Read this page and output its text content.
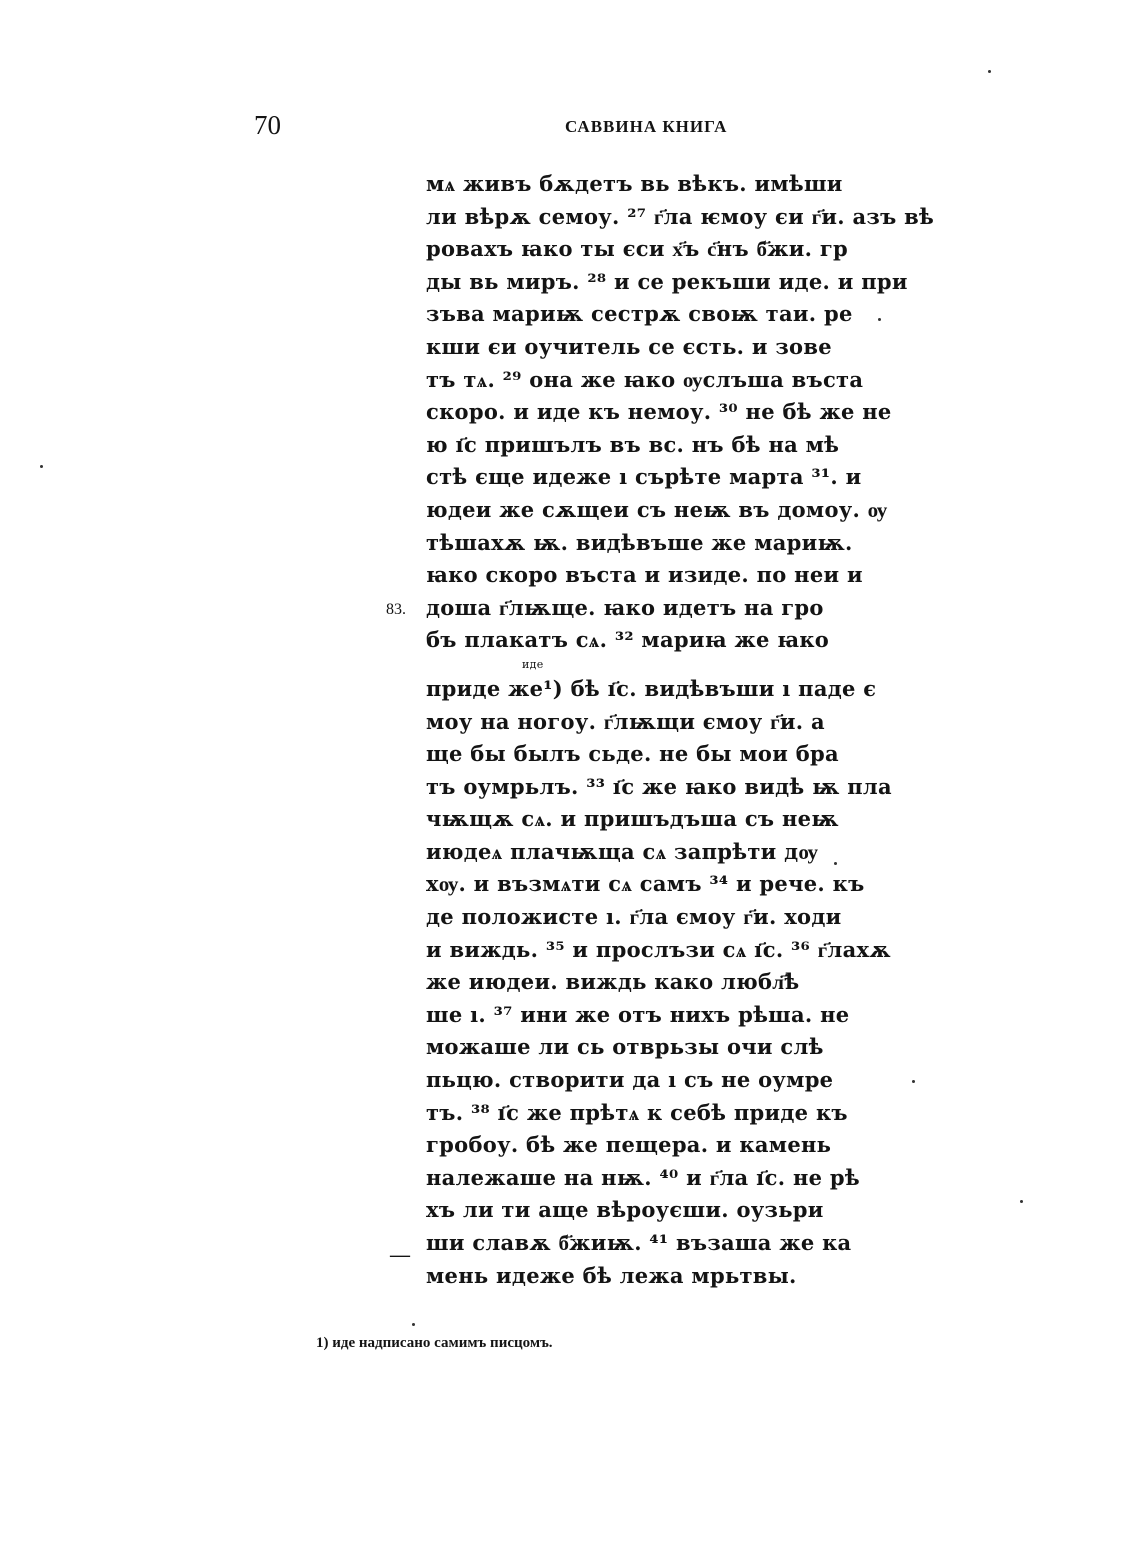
70	САВВИНА КНИГА
83.
—
мѧ живъ бѫдетъ вь вѣкъ. имѣши
ли вѣрѫ семоу. ²⁷ г҃ла ѥмоу єи г҃и. азъ вѣ
ровахъ ꙗко ты єси х҃ъ с҃нъ б҃жи. гр
ды вь миръ. ²⁸ и се рекъши иде. и при
зъва мариѭ сестрѫ своѭ таи. ре
кши єи оучитель се єсть. и зове
тъ тѧ. ²⁹ она же ꙗко ѹслъша въста
скоро. и иде къ немоу. ³⁰ не бѣ же не
ю ı҃с пришълъ въ вс. нъ бѣ на мѣ
стѣ єще идеже ı сърѣте марта ³¹. и
юдеи же сѫщеи съ неѭ въ домоу. ѹ
тѣшахѫ ѭ. видѣвъше же мариѭ.
ꙗко скоро въста и изиде. по неи и
доша г҃лѭще. ꙗко идетъ на гро
бъ плакатъ сѧ. ³² мариꙗ же ꙗко
иде
приде же¹) бѣ ı҃с. видѣвъши ı паде є
моу на ногоу. г҃лѭщи ємоу г҃и. а
ще бы былъ сьде. не бы мои бра
тъ оумрьлъ. ³³ ı҃с же ꙗко видѣ ѭ пла
чѭщѫ сѧ. и пришъдъша съ неѭ
июдеѧ плачѭща сѧ запрѣти дѹ
хѹ. и възмѧти сѧ самъ ³⁴ и рече. къ
де положисте ı. г҃ла ємоу г҃и. ходи
и виждь. ³⁵ и прослъзи сѧ ı҃с. ³⁶ г҃лахѫ
же июдеи. виждь како любл҃ѣ
ше ı. ³⁷ ини же отъ нихъ рѣша. не
можаше ли сь отврьзы очи слѣ
пьцю. створити да ı съ не оумре
тъ. ³⁸ ı҃с же прѣтѧ к себѣ приде къ
гробоу. бѣ же пещера. и камень
належаше на нѭ. ⁴⁰ и г҃ла ı҃с. не рѣ
хъ ли ти аще вѣроуєши. оузьри
ши славѫ б҃жиѭ. ⁴¹ възаша же ка
мень идеже бѣ лежа мрьтвы.
1) иде надписано самимъ писцомъ.
